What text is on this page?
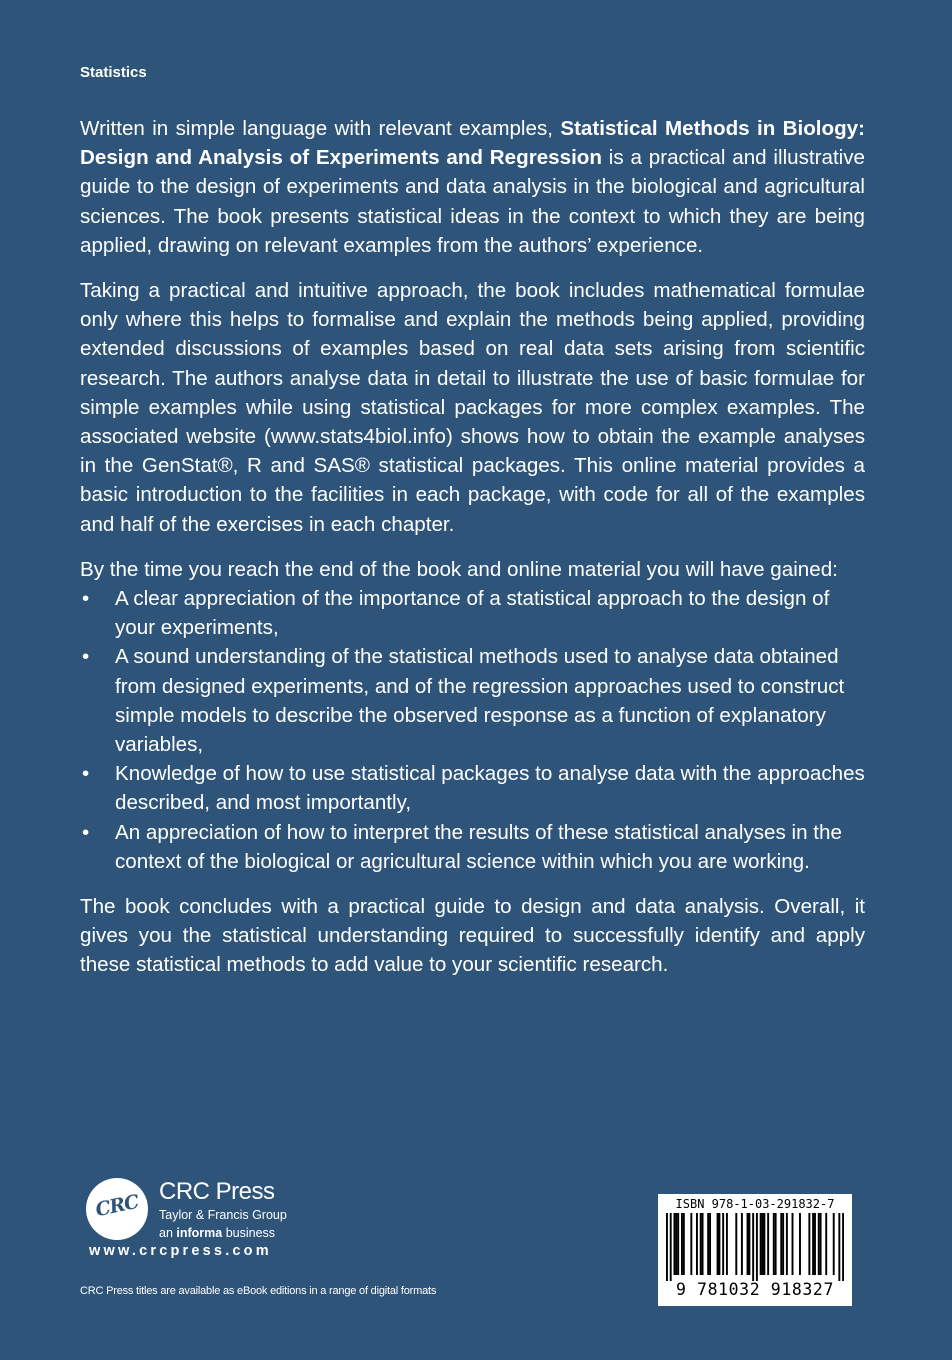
Statistics

Written in simple language with relevant examples, Statistical Methods in Biology: Design and Analysis of Experiments and Regression is a practical and illustrative guide to the design of experiments and data analysis in the biological and agricultural sciences. The book presents statistical ideas in the context to which they are being applied, drawing on relevant examples from the authors’ experience.

Taking a practical and intuitive approach, the book includes mathematical formulae only where this helps to formalise and explain the methods being applied, providing extended discussions of examples based on real data sets arising from scientific research. The authors analyse data in detail to illustrate the use of basic formulae for simple examples while using statistical packages for more complex examples. The associated website (www.stats4biol.info) shows how to obtain the example analyses in the GenStat®, R and SAS® statistical packages. This online material provides a basic introduction to the facilities in each package, with code for all of the examples and half of the exercises in each chapter.

By the time you reach the end of the book and online material you will have gained:

• A clear appreciation of the importance of a statistical approach to the design of your experiments,
• A sound understanding of the statistical methods used to analyse data obtained from designed experiments, and of the regression approaches used to construct simple models to describe the observed response as a function of explanatory variables,
• Knowledge of how to use statistical packages to analyse data with the approaches described, and most importantly,
• An appreciation of how to interpret the results of these statistical analyses in the context of the biological or agricultural science within which you are working.

The book concludes with a practical guide to design and data analysis. Overall, it gives you the statistical understanding required to successfully identify and apply these statistical methods to add value to your scientific research.

CRC CRC Press
Taylor & Francis Group
an informa business
www.crcpress.com
CRC Press titles are available as eBook editions in a range of digital formats
ISBN 978-1-03-291832-7
9 781032 918327
